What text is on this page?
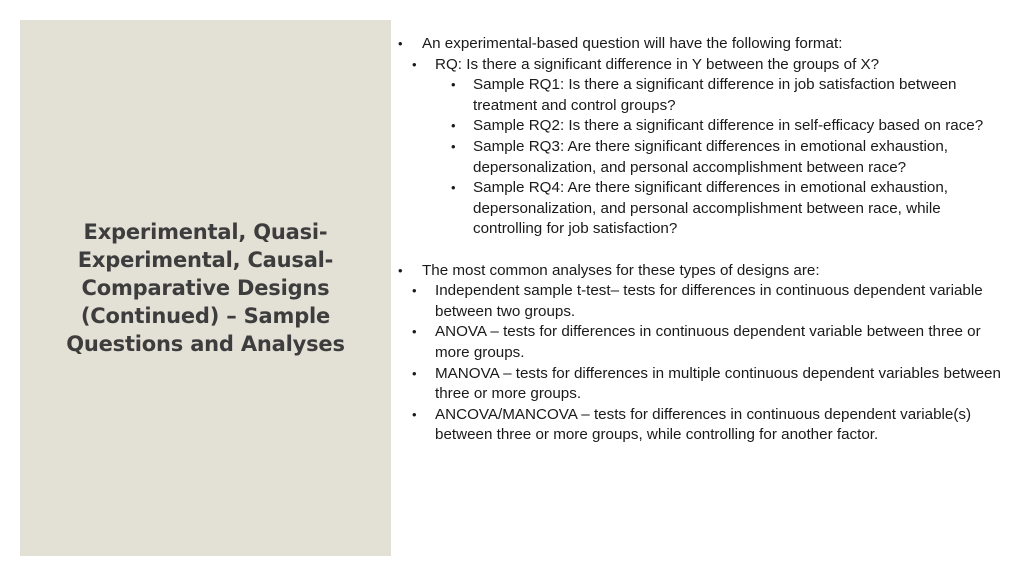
Experimental, Quasi-Experimental, Causal-Comparative Designs (Continued) – Sample Questions and Analyses
• An experimental-based question will have the following format:
• RQ: Is there a significant difference in Y between the groups of X?
• Sample RQ1: Is there a significant difference in job satisfaction between treatment and control groups?
• Sample RQ2: Is there a significant difference in self-efficacy based on race?
• Sample RQ3: Are there significant differences in emotional exhaustion, depersonalization, and personal accomplishment between race?
• Sample RQ4: Are there significant differences in emotional exhaustion, depersonalization, and personal accomplishment between race, while controlling for job satisfaction?
• The most common analyses for these types of designs are:
• Independent sample t-test– tests for differences in continuous dependent variable between two groups.
• ANOVA – tests for differences in continuous dependent variable between three or more groups.
• MANOVA – tests for differences in multiple continuous dependent variables between three or more groups.
• ANCOVA/MANCOVA – tests for differences in continuous dependent variable(s) between three or more groups, while controlling for another factor.
